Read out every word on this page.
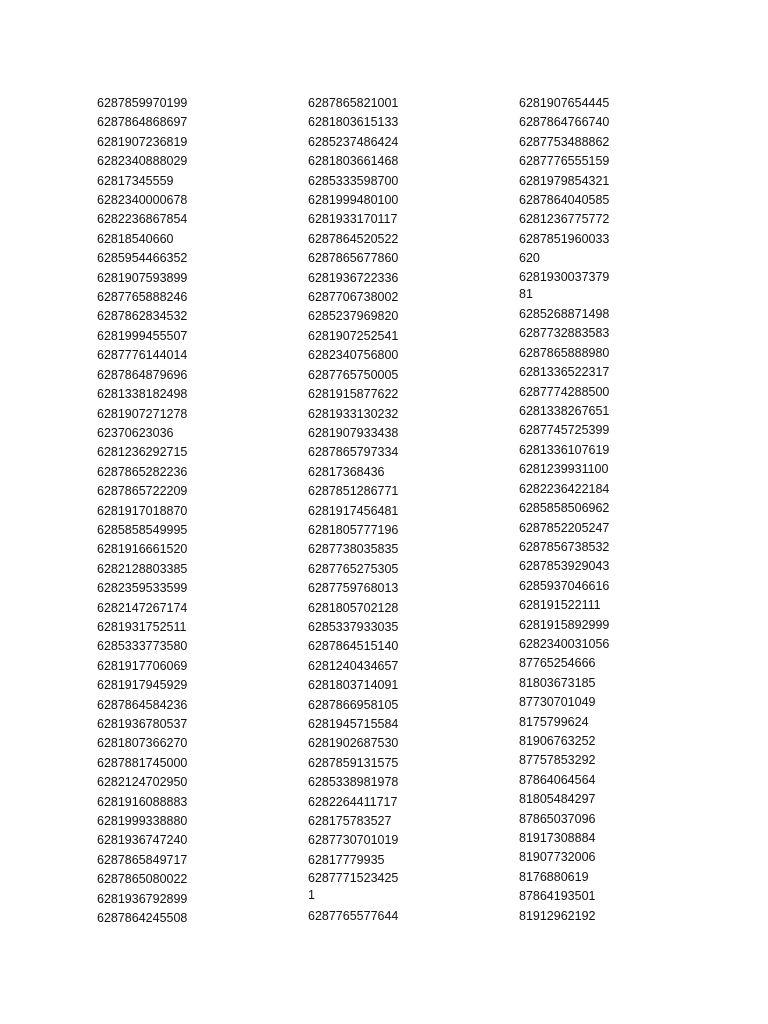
6287859970199
6287864868697
6281907236819
6282340888029
62817345559
6282340000678
6282236867854
62818540660
6285954466352
6281907593899
6287765888246
6287862834532
6281999455507
6287776144014
6287864879696
6281338182498
6281907271278
62370623036
6281236292715
6287865282236
6287865722209
6281917018870
6285858549995
6281916661520
6282128803385
6282359533599
6282147267174
6281931752511
6285333773580
6281917706069
6281917945929
6287864584236
6281936780537
6281807366270
6287881745000
6282124702950
6281916088883
6281999338880
6281936747240
6287865849717
6287865080022
6281936792899
6287864245508
6287865821001
6281803615133
6285237486424
6281803661468
6285333598700
6281999480100
6281933170117
6287864520522
6287865677860
6281936722336
6287706738002
6285237969820
6281907252541
6282340756800
6287765750005
6281915877622
6281933130232
6281907933438
6287865797334
62817368436
6287851286771
6281917456481
6281805777196
6287738035835
6287765275305
6287759768013
6281805702128
6285337933035
6287864515140
6281240434657
6281803714091
6287866958105
6281945715584
6281902687530
6287859131575
6285338981978
6282264411717
628175783527
6287730701019
62817779935
62877715234251
6287765577644
6281907654445
6287864766740
6287753488862
6287776555159
6281979854321
6287864040585
6281236775772
6287851960033
620
628193003737981
6285268871498
6287732883583
6287865888980
6281336522317
6287774288500
6281338267651
6287745725399
6281336107619
6281239931100
6282236422184
6285858506962
6287852205247
6287856738532
6287853929043
6285937046616
628191522111
6281915892999
6282340031056
87765254666
81803673185
87730701049
8175799624
81906763252
87757853292
87864064564
81805484297
87865037096
81917308884
81907732006
8176880619
87864193501
81912962192
